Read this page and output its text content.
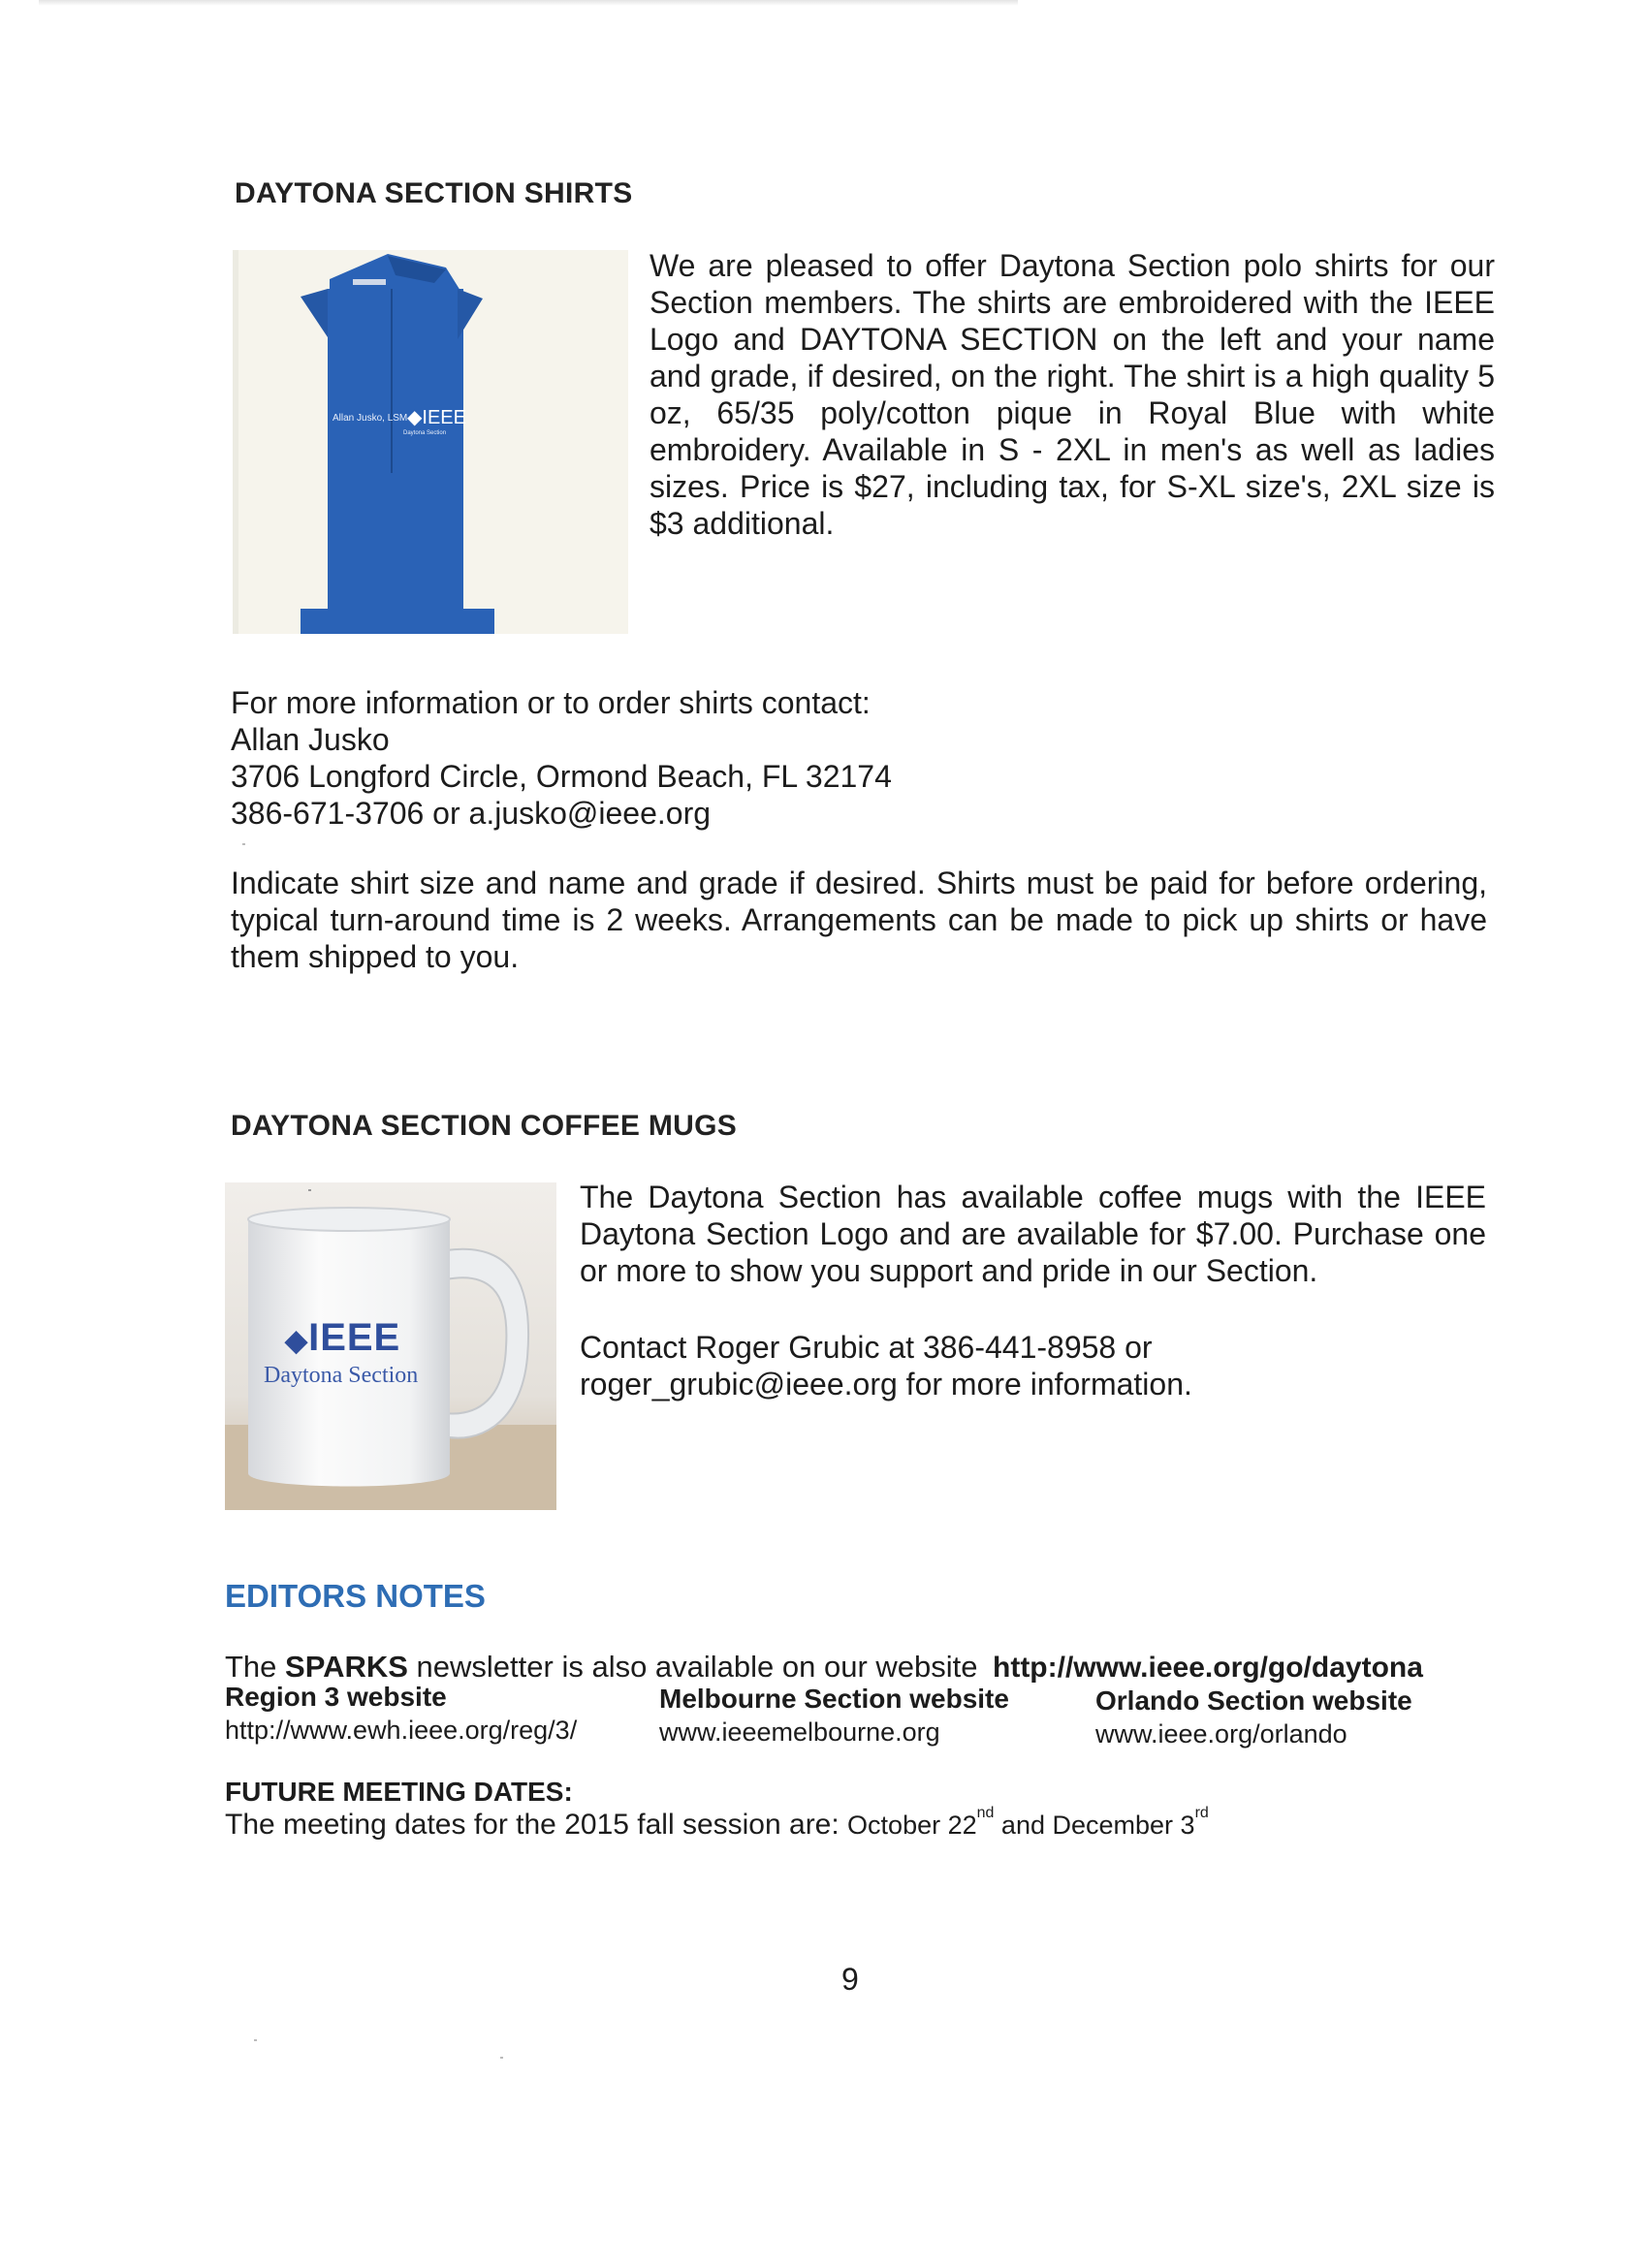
DAYTONA SECTION SHIRTS
Allan Jusko, LSM ◆IEEE
Daytona Section

We are pleased to offer Daytona Section polo shirts for our Section members. The shirts are embroidered with the IEEE Logo and DAYTONA SECTION on the left and your name and grade, if desired, on the right. The shirt is a high quality 5 oz, 65/35 poly/cotton pique in Royal Blue with white embroidery. Available in S - 2XL in men's as well as ladies sizes. Price is $27, including tax, for S-XL size's, 2XL size is $3 additional.

For more information or to order shirts contact:
Allan Jusko
3706 Longford Circle, Ormond Beach, FL 32174
386-671-3706 or a.jusko@ieee.org

Indicate shirt size and name and grade if desired. Shirts must be paid for before ordering, typical turn-around time is 2 weeks. Arrangements can be made to pick up shirts or have them shipped to you.

DAYTONA SECTION COFFEE MUGS
◆IEEE
Daytona Section

The Daytona Section has available coffee mugs with the IEEE Daytona Section Logo and are available for $7.00. Purchase one or more to show you support and pride in our Section.

Contact Roger Grubic at 386-441-8958 or
roger_grubic@ieee.org for more information.
EDITORS NOTES
The SPARKS newsletter is also available on our website http://www.ieee.org/go/daytona
Region 3 website
http://www.ewh.ieee.org/reg/3/
Melbourne Section website
www.ieeemelbourne.org
Orlando Section website
www.ieee.org/orlando
FUTURE MEETING DATES:
The meeting dates for the 2015 fall session are: October 22nd and December 3rd
9
